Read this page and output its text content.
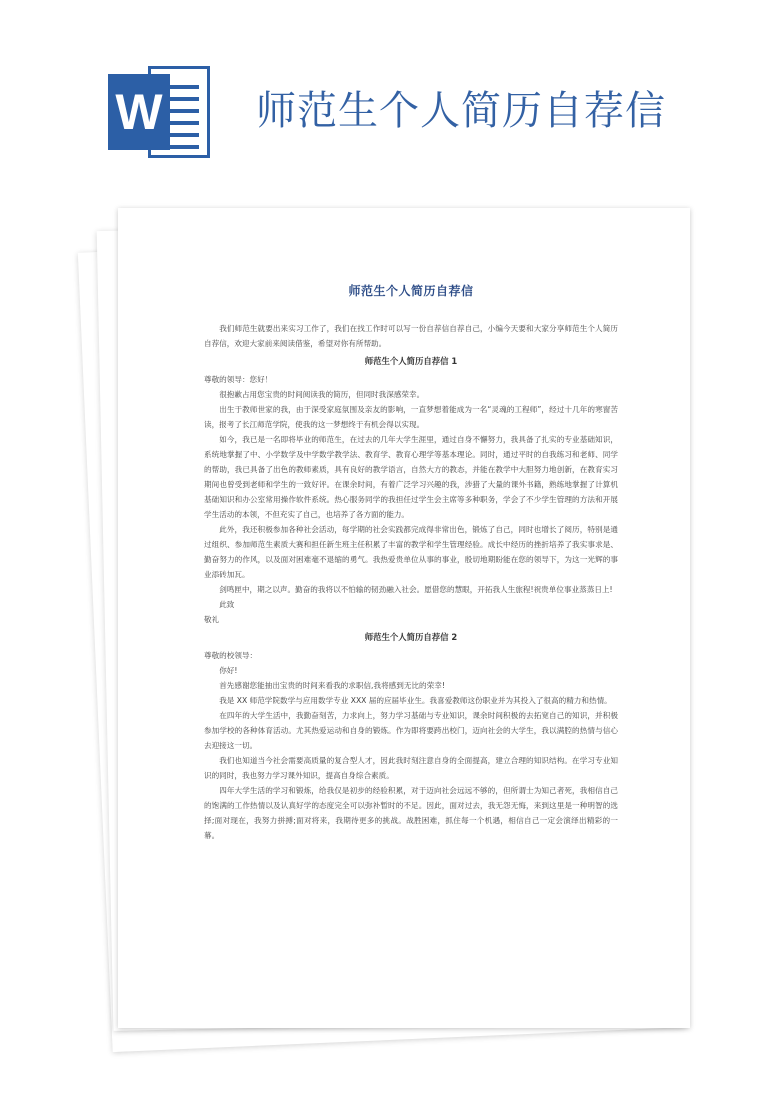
W 师范生个人简历自荐信
师范生个人简历自荐信

我们师范生就要出来实习工作了，我们在找工作时可以写一份自荐信自荐自己，小编今天要和大家分享师范生个人简历自荐信，欢迎大家前来阅读借鉴，希望对你有所帮助。

师范生个人简历自荐信 1

尊敬的领导：您好！

很抱歉占用您宝贵的时间阅读我的简历，但同时我深感荣幸。

出生于教师世家的我，由于深受家庭氛围及亲友的影响，一直梦想着能成为一名“灵魂的工程师”，经过十几年的寒窗苦读，报考了长江师范学院，使我的这一梦想终于有机会得以实现。

如今，我已是一名即将毕业的师范生，在过去的几年大学生涯里，通过自身不懈努力，我具备了扎实的专业基础知识，系统地掌握了中、小学数学及中学数学教学法、教育学、教育心理学等基本理论。同时，通过平时的自我练习和老师、同学的帮助，我已具备了出色的教师素质，具有良好的教学语言，自然大方的教态，并能在教学中大胆努力地创新，在教育实习期间也曾受到老师和学生的一致好评。在课余时间，有着广泛学习兴趣的我，涉猎了大量的课外书籍，熟练地掌握了计算机基础知识和办公室常用操作软件系统。热心服务同学的我担任过学生会主席等多种职务，学会了不少学生管理的方法和开展学生活动的本领，不但充实了自己，也培养了各方面的能力。

此外，我还积极参加各种社会活动，每学期的社会实践都完成得非常出色，锻炼了自己，同时也增长了阅历，特别是通过组织、参加师范生素质大赛和担任新生班主任积累了丰富的教学和学生管理经验。成长中经历的挫折培养了我实事求是、勤奋努力的作风，以及面对困难毫不退缩的勇气。我热爱贵单位从事的事业，殷切地期盼能在您的领导下，为这一光辉的事业添砖加瓦。

剑鸣匣中，期之以声。勤奋的我将以不怕输的韧劲融入社会。愿借您的慧眼，开拓我人生旅程!祝贵单位事业蒸蒸日上!

此致

敬礼

师范生个人简历自荐信 2

尊敬的校领导：

你好!

首先感谢您能抽出宝贵的时间来看我的求职信,我将感到无比的荣幸!

我是 XX 师范学院数学与应用数学专业 XXX 届的应届毕业生。我喜爱教师这份职业并为其投入了很高的精力和热情。

在四年的大学生活中，我勤奋刻苦，力求向上，努力学习基础与专业知识，课余时间积极的去拓宽自己的知识，并积极参加学校的各种体育活动。尤其热爱运动和自身的锻炼。作为即将要跨出校门，迈向社会的大学生，我以满腔的热情与信心去迎接这一切。

我们也知道当今社会需要高质量的复合型人才，因此我时刻注意自身的全面提高，建立合理的知识结构。在学习专业知识的同时，我也努力学习课外知识，提高自身综合素质。

四年大学生活的学习和锻炼，给我仅是初步的经验积累，对于迈向社会远远不够的，但所谓士为知己者死，我相信自己的饱满的工作热情以及认真好学的态度完全可以弥补暂时的不足。因此，面对过去，我无怨无悔，来到这里是一种明智的选择;面对现在，我努力拼搏;面对将来，我期待更多的挑战。战胜困难，抓住每一个机遇，相信自己一定会演绎出精彩的一幕。
